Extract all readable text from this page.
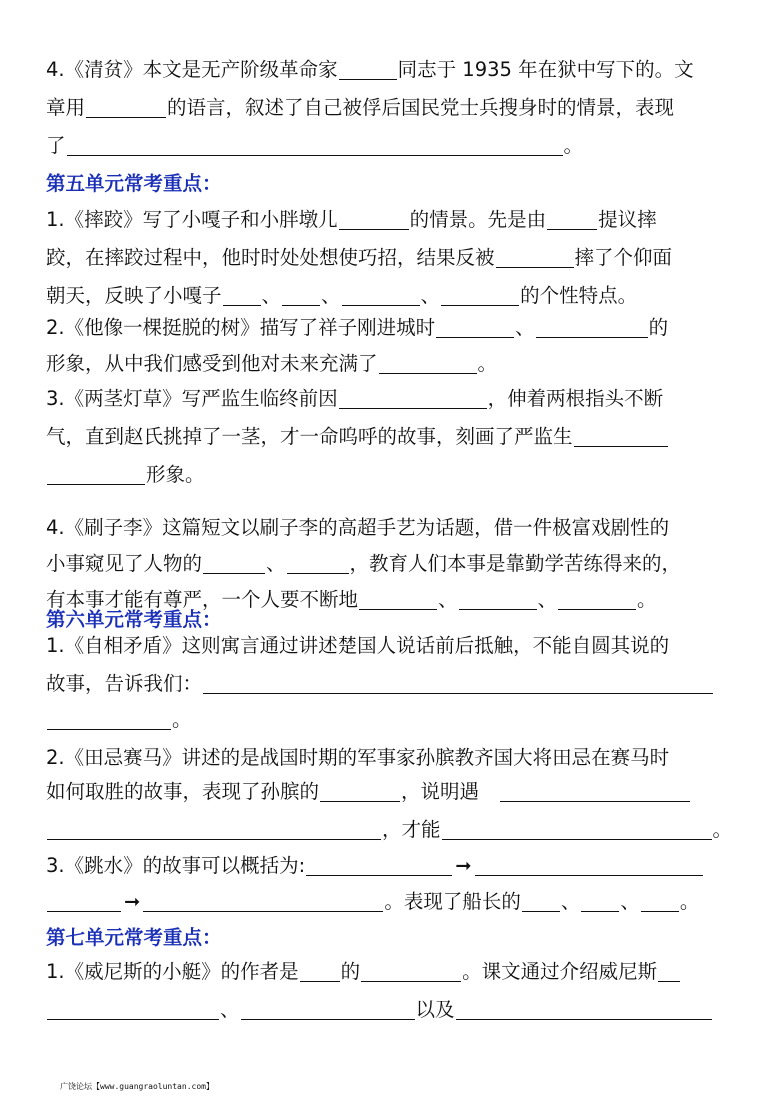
4.《清贫》本文是无产阶级革命家	同志于 1935 年在狱中写下的。文
章用	的语言，叙述了自己被俘后国民党士兵搜身时的情景，表现
了	。
第五单元常考重点：
1.《摔跤》写了小嘎子和小胖墩儿	的情景。先是由	提议摔
跤，在摔跤过程中，他时时处处想使巧招，结果反被	摔了个仰面
朝天，反映了小嘎子 、 、	、	的个性特点。
2.《他像一棵挺脱的树》描写了祥子刚进城时	、	的
形象，从中我们感受到他对未来充满了	。
3.《两茎灯草》写严监生临终前因	，伸着两根指头不断
气，直到赵氏挑掉了一茎，才一命呜呼的故事，刻画了严监生
形象。
4.《刷子李》这篇短文以刷子李的高超手艺为话题，借一件极富戏剧性的
小事窥见了人物的	、	，教育人们本事是靠勤学苦练得来的，
有本事才能有尊严，一个人要不断地	、	、	。
第六单元常考重点：
1.《自相矛盾》这则寓言通过讲述楚国人说话前后抵触，不能自圆其说的
故事，告诉我们：
。
2.《田忌赛马》讲述的是战国时期的军事家孙膑教齐国大将田忌在赛马时
如何取胜的故事，表现了孙膑的	，说明遇
，才能	。
3.《跳水》的故事可以概括为:	➞
➞	。表现了船长的 、 、 。
第七单元常考重点：
1.《威尼斯的小艇》的作者是 的	。课文通过介绍威尼斯
、	以及
广饶论坛【www.guangraoluntan.com】
